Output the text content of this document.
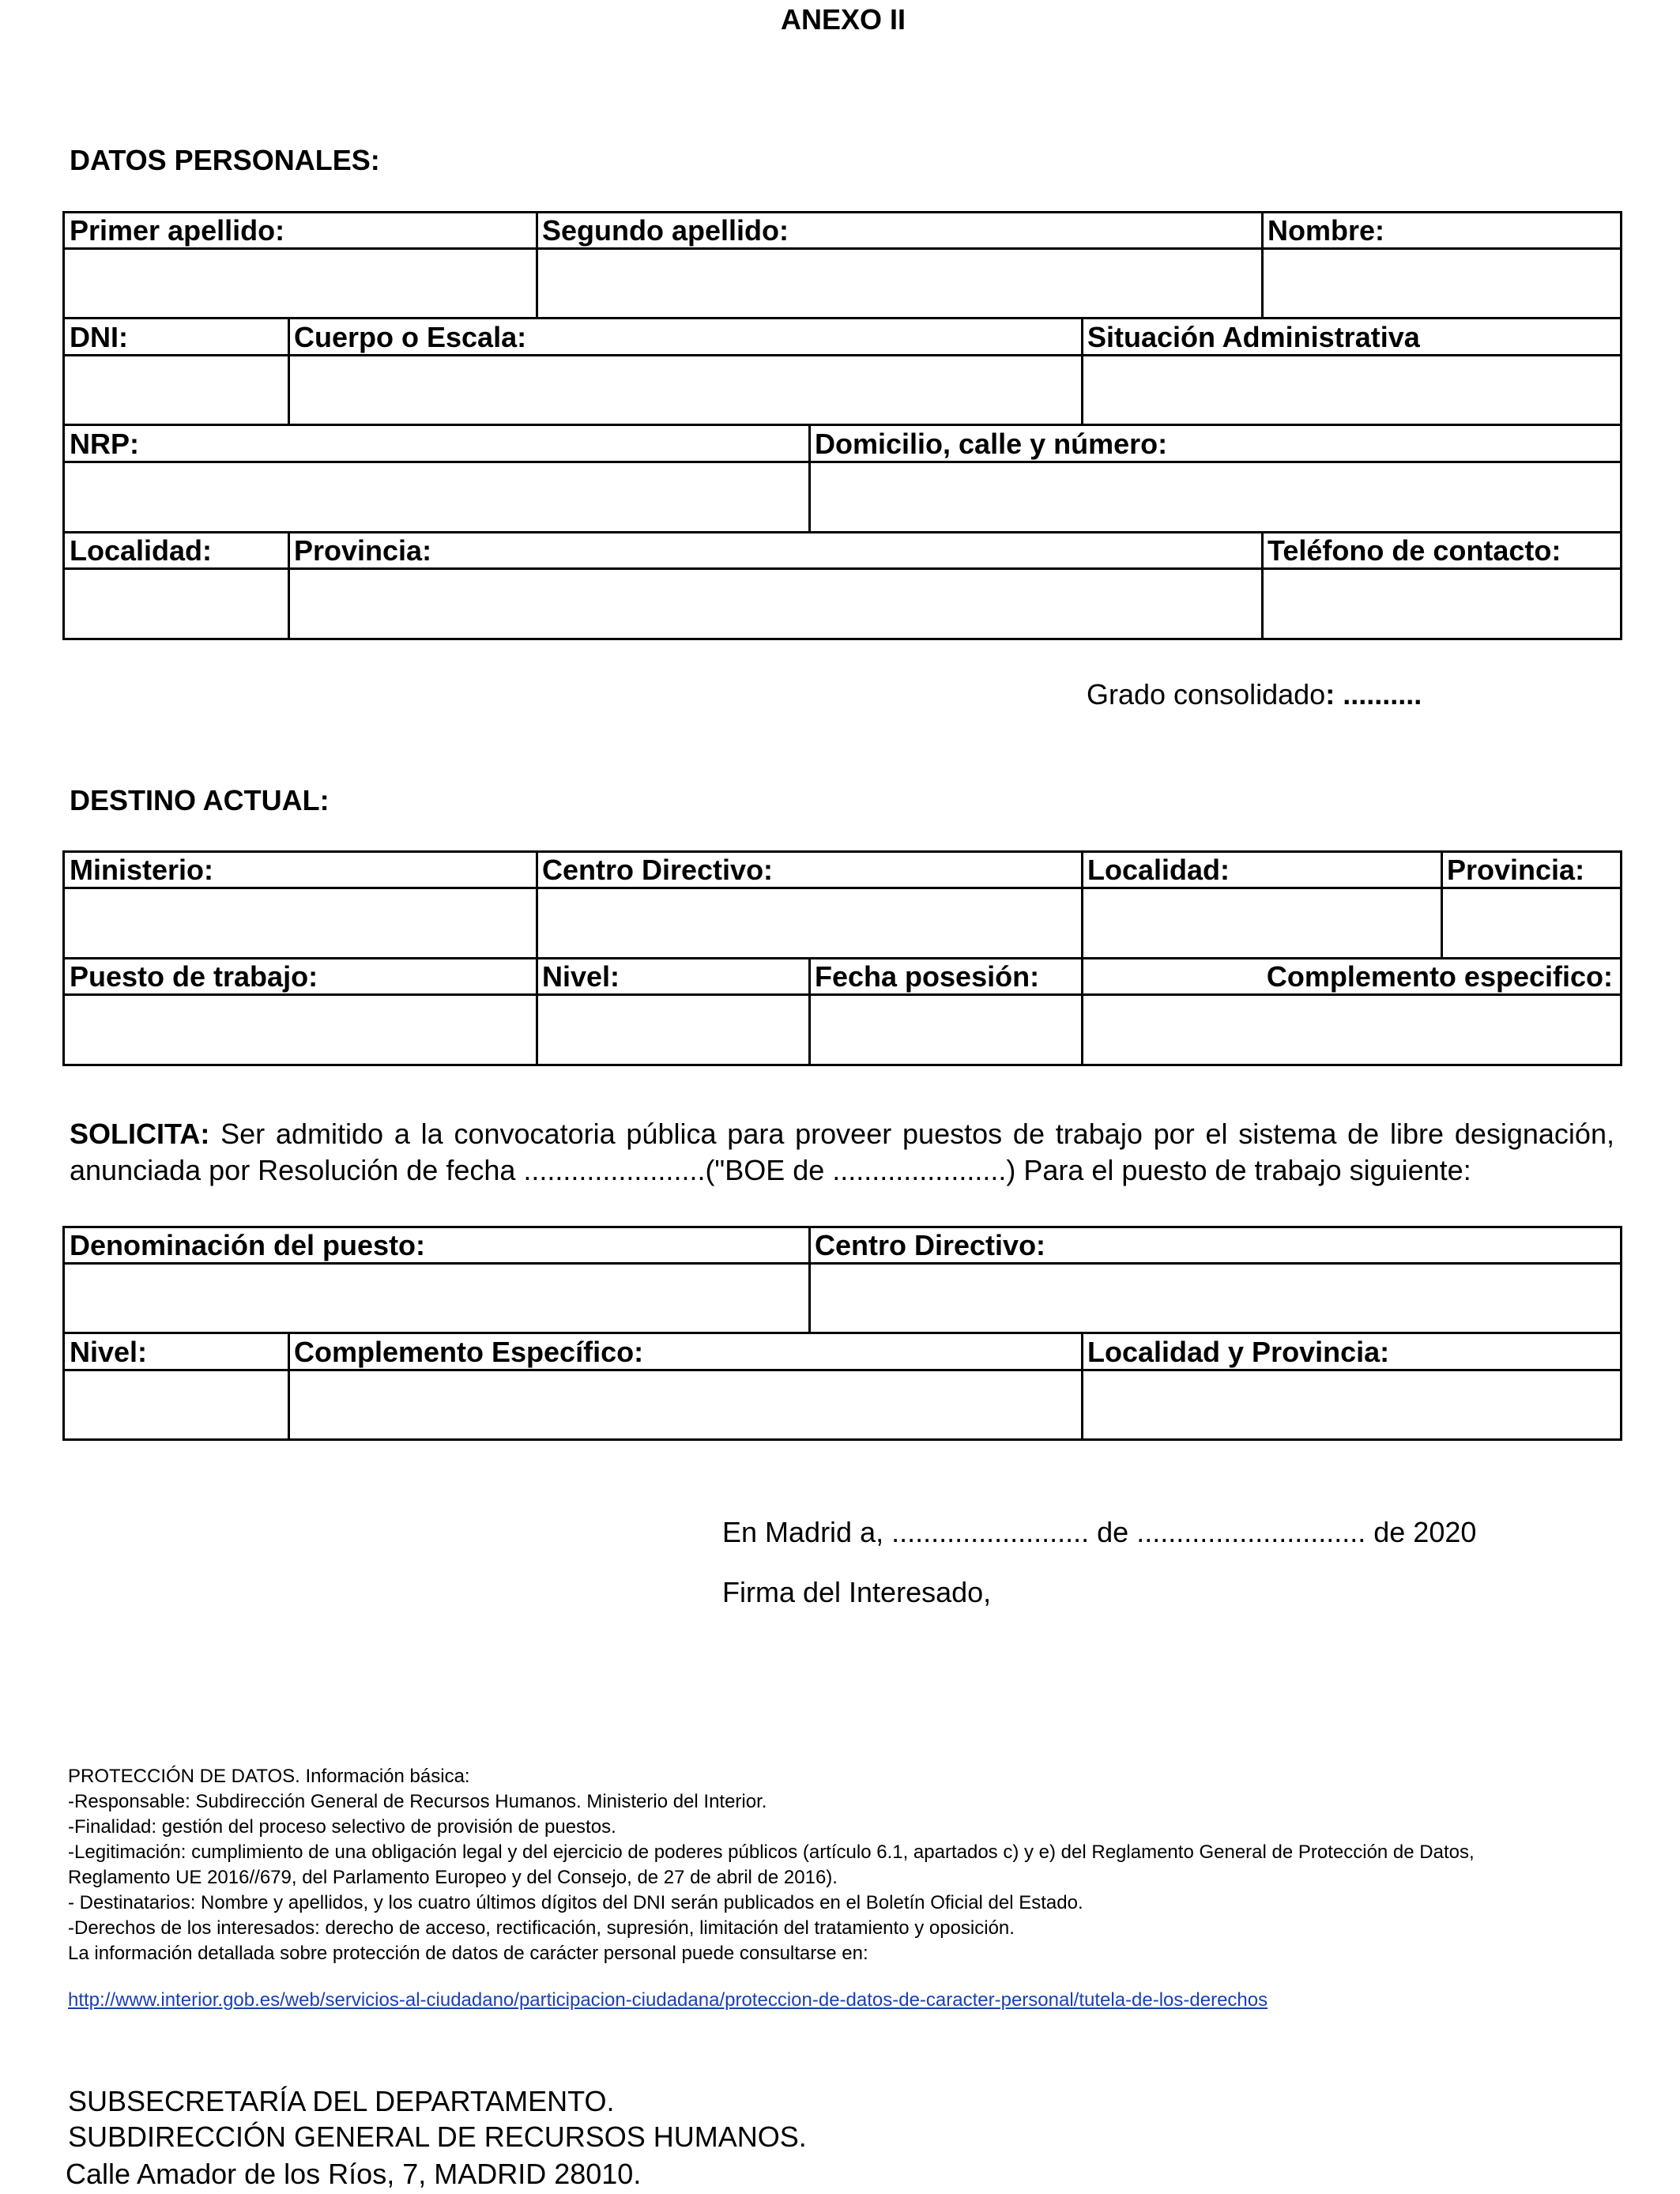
ANEXO II
DATOS PERSONALES:
Primer apellido:	Segundo apellido:	Nombre:
DNI:	Cuerpo o Escala:	Situación Administrativa
NRP:	Domicilio, calle y número:
Localidad:	Provincia:	Teléfono de contacto:
Grado consolidado: ..........
DESTINO ACTUAL:
Ministerio:	Centro Directivo:	Localidad:	Provincia:
Puesto de trabajo:	Nivel:	Fecha posesión:	Complemento especifico:
SOLICITA: Ser admitido a la convocatoria pública para proveer puestos de trabajo por el sistema de libre designación, anunciada por Resolución de fecha .......................("BOE de ......................) Para el puesto de trabajo siguiente:
Denominación del puesto:	Centro Directivo:
Nivel:	Complemento Específico:	Localidad y Provincia:
En Madrid a, ......................... de ............................. de 2020
Firma del Interesado,
PROTECCIÓN DE DATOS. Información básica:
-Responsable: Subdirección General de Recursos Humanos. Ministerio del Interior.
-Finalidad: gestión del proceso selectivo de provisión de puestos.
-Legitimación: cumplimiento de una obligación legal y del ejercicio de poderes públicos (artículo 6.1, apartados c) y e) del Reglamento General de Protección de Datos,
Reglamento UE 2016//679, del Parlamento Europeo y del Consejo, de 27 de abril de 2016).
- Destinatarios: Nombre y apellidos, y los cuatro últimos dígitos del DNI serán publicados en el Boletín Oficial del Estado.
-Derechos de los interesados: derecho de acceso, rectificación, supresión, limitación del tratamiento y oposición.
La información detallada sobre protección de datos de carácter personal puede consultarse en:
http://www.interior.gob.es/web/servicios-al-ciudadano/participacion-ciudadana/proteccion-de-datos-de-caracter-personal/tutela-de-los-derechos
SUBSECRETARÍA DEL DEPARTAMENTO.
SUBDIRECCIÓN GENERAL DE RECURSOS HUMANOS.
Calle Amador de los Ríos, 7, MADRID 28010.
